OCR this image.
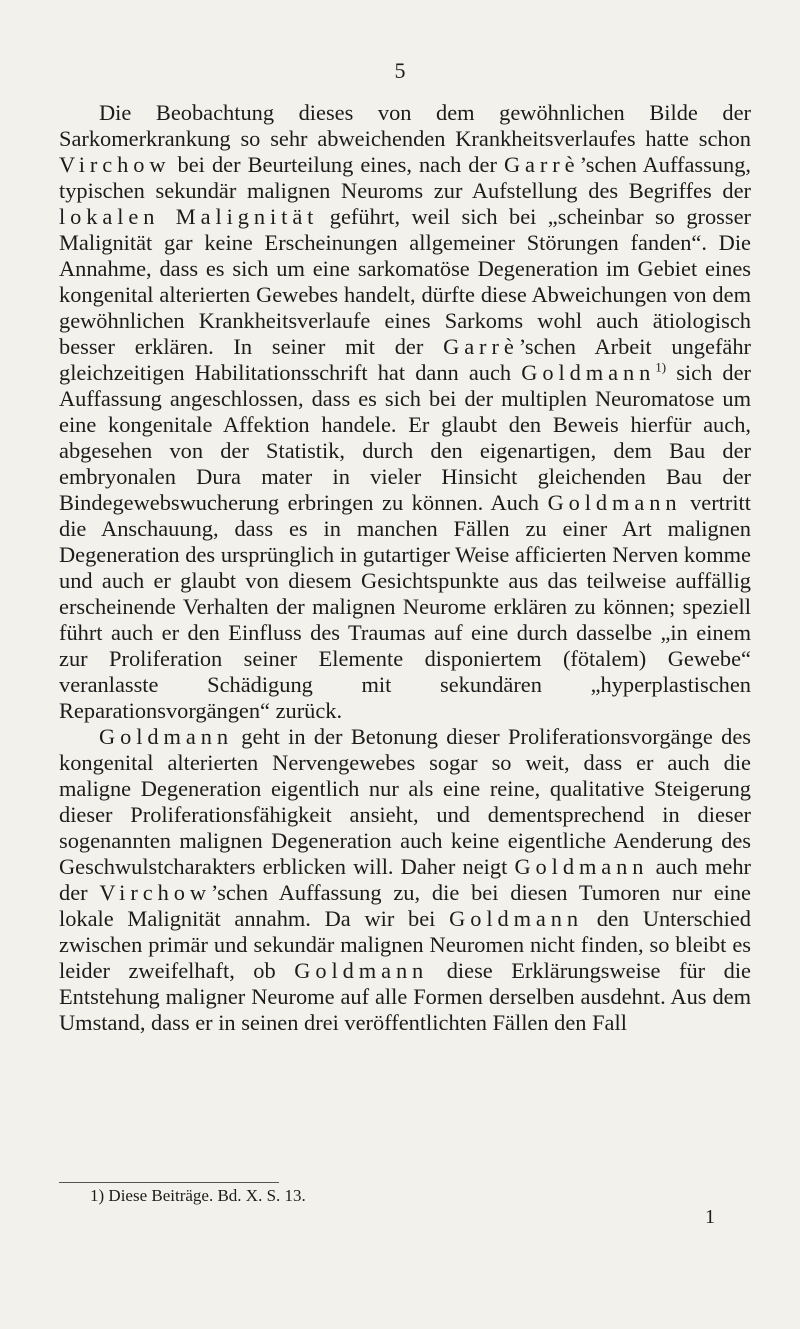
5

Die Beobachtung dieses von dem gewöhnlichen Bilde der Sarkomerkrankung so sehr abweichenden Krankheitsverlaufes hatte schon Virchow bei der Beurteilung eines, nach der Garrè’schen Auffassung, typischen sekundär malignen Neuroms zur Aufstellung des Begriffes der lokalen Malignität geführt, weil sich bei „scheinbar so grosser Malignität gar keine Erscheinungen allgemeiner Störungen fanden“. Die Annahme, dass es sich um eine sarkomatöse Degeneration im Gebiet eines kongenital alterierten Gewebes handelt, dürfte diese Abweichungen von dem gewöhnlichen Krankheitsverlaufe eines Sarkoms wohl auch ätiologisch besser erklären. In seiner mit der Garrè’schen Arbeit ungefähr gleichzeitigen Habilitationsschrift hat dann auch Goldmann$^{1)}$ sich der Auffassung angeschlossen, dass es sich bei der multiplen Neuromatose um eine kongenitale Affektion handele. Er glaubt den Beweis hierfür auch, abgesehen von der Statistik, durch den eigenartigen, dem Bau der embryonalen Dura mater in vieler Hinsicht gleichenden Bau der Bindegewebswucherung erbringen zu können. Auch Goldmann vertritt die Anschauung, dass es in manchen Fällen zu einer Art malignen Degeneration des ursprünglich in gutartiger Weise afficierten Nerven komme und auch er glaubt von diesem Gesichtspunkte aus das teilweise auffällig erscheinende Verhalten der malignen Neurome erklären zu können; speziell führt auch er den Einfluss des Traumas auf eine durch dasselbe „in einem zur Proliferation seiner Elemente disponiertem (fötalem) Gewebe“ veranlasste Schädigung mit sekundären „hyperplastischen Reparationsvorgängen“ zurück.

Goldmann geht in der Betonung dieser Proliferationsvorgänge des kongenital alterierten Nervengewebes sogar so weit, dass er auch die maligne Degeneration eigentlich nur als eine reine, qualitative Steigerung dieser Proliferationsfähigkeit ansieht, und dementsprechend in dieser sogenannten malignen Degeneration auch keine eigentliche Aenderung des Geschwulstcharakters erblicken will. Daher neigt Goldmann auch mehr der Virchow’schen Auffassung zu, die bei diesen Tumoren nur eine lokale Malignität annahm. Da wir bei Goldmann den Unterschied zwischen primär und sekundär malignen Neuromen nicht finden, so bleibt es leider zweifelhaft, ob Goldmann diese Erklärungsweise für die Entstehung maligner Neurome auf alle Formen derselben ausdehnt. Aus dem Umstand, dass er in seinen drei veröffentlichten Fällen den Fall

1) Diese Beiträge. Bd. X. S. 13.
1
